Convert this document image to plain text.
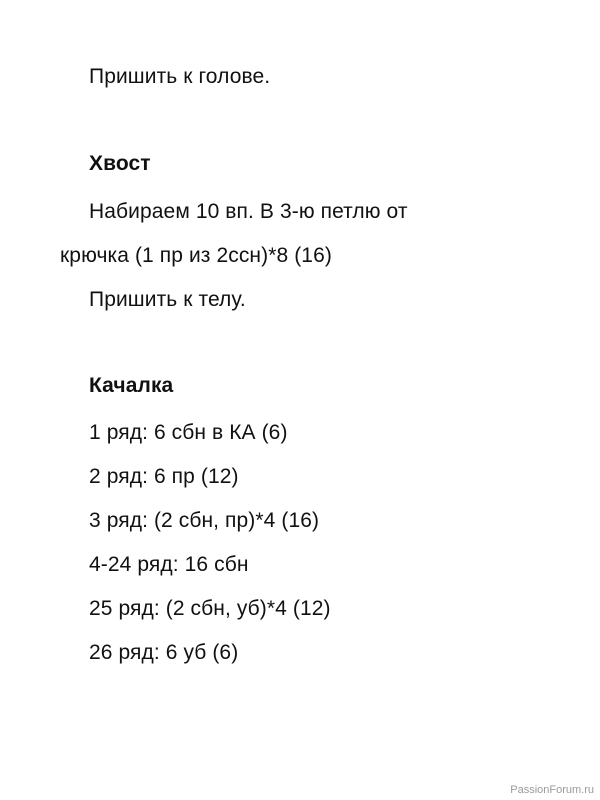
Пришить к голове.
Хвост
Набираем 10 вп. В 3-ю петлю от
крючка (1 пр из 2ссн)*8 (16)
Пришить к телу.
Качалка
1 ряд: 6 сбн в КА (6)
2 ряд: 6 пр (12)
3 ряд: (2 сбн, пр)*4 (16)
4-24 ряд: 16 сбн
25 ряд: (2 сбн, уб)*4 (12)
26 ряд: 6 уб (6)
PassionForum.ru
